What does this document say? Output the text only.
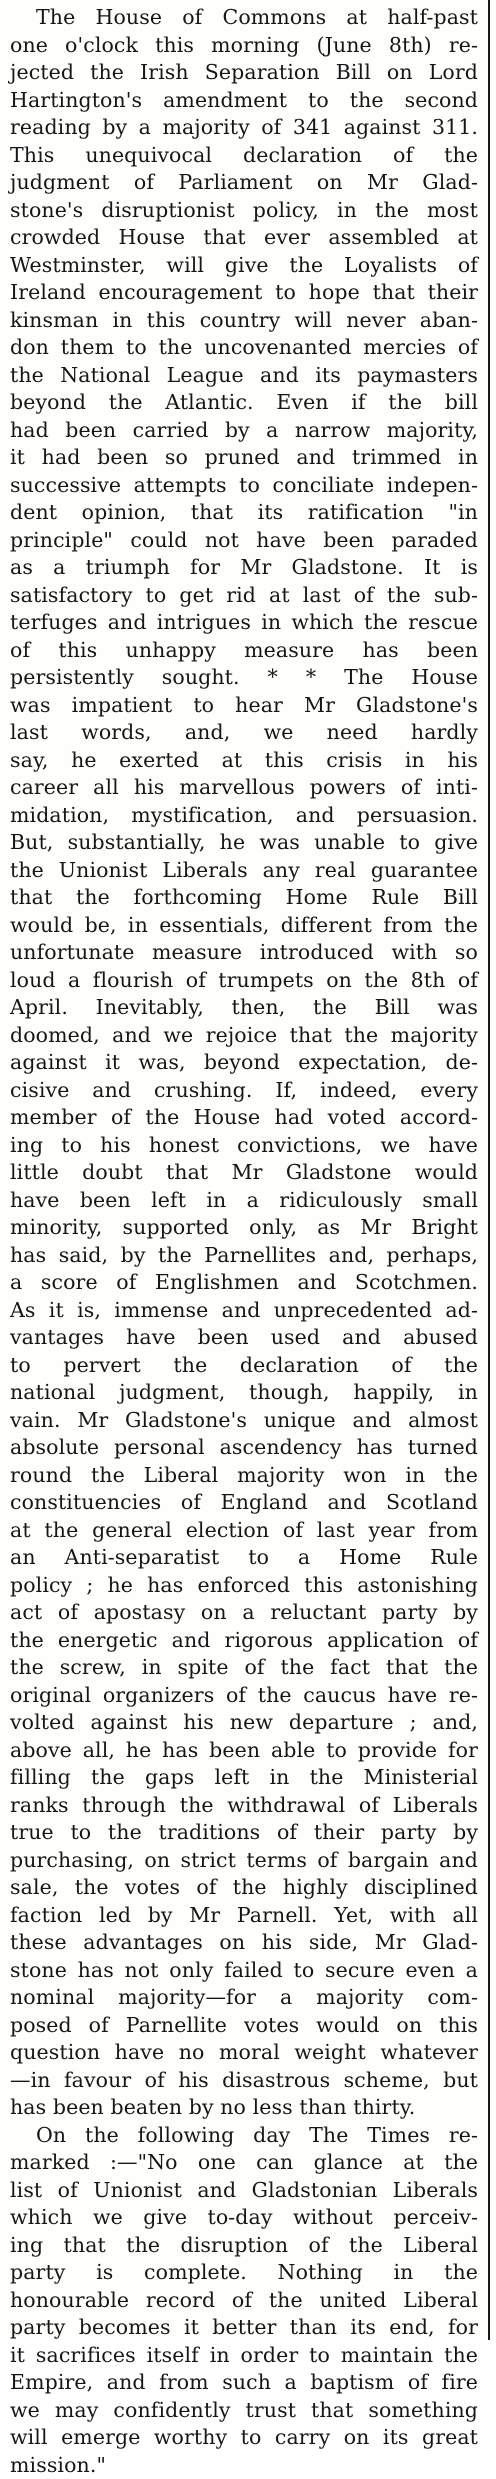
The House of Commons at half-past
one o'clock this morning (June 8th) re-
jected the Irish Separation Bill on Lord
Hartington's amendment to the second
reading by a majority of 341 against 311.
This unequivocal declaration of the
judgment of Parliament on Mr Glad-
stone's disruptionist policy, in the most
crowded House that ever assembled at
Westminster, will give the Loyalists of
Ireland encouragement to hope that their
kinsman in this country will never aban-
don them to the uncovenanted mercies of
the National League and its paymasters
beyond the Atlantic. Even if the bill
had been carried by a narrow majority,
it had been so pruned and trimmed in
successive attempts to conciliate indepen-
dent opinion, that its ratification "in
principle" could not have been paraded
as a triumph for Mr Gladstone. It is
satisfactory to get rid at last of the sub-
terfuges and intrigues in which the rescue
of this unhappy measure has been
persistently sought. * * The House
was impatient to hear Mr Gladstone's
last words, and, we need hardly
say, he exerted at this crisis in his
career all his marvellous powers of inti-
midation, mystification, and persuasion.
But, substantially, he was unable to give
the Unionist Liberals any real guarantee
that the forthcoming Home Rule Bill
would be, in essentials, different from the
unfortunate measure introduced with so
loud a flourish of trumpets on the 8th of
April. Inevitably, then, the Bill was
doomed, and we rejoice that the majority
against it was, beyond expectation, de-
cisive and crushing. If, indeed, every
member of the House had voted accord-
ing to his honest convictions, we have
little doubt that Mr Gladstone would
have been left in a ridiculously small
minority, supported only, as Mr Bright
has said, by the Parnellites and, perhaps,
a score of Englishmen and Scotchmen.
As it is, immense and unprecedented ad-
vantages have been used and abused
to pervert the declaration of the
national judgment, though, happily, in
vain. Mr Gladstone's unique and almost
absolute personal ascendency has turned
round the Liberal majority won in the
constituencies of England and Scotland
at the general election of last year from
an Anti-separatist to a Home Rule
policy ; he has enforced this astonishing
act of apostasy on a reluctant party by
the energetic and rigorous application of
the screw, in spite of the fact that the
original organizers of the caucus have re-
volted against his new departure ; and,
above all, he has been able to provide for
filling the gaps left in the Ministerial
ranks through the withdrawal of Liberals
true to the traditions of their party by
purchasing, on strict terms of bargain and
sale, the votes of the highly disciplined
faction led by Mr Parnell. Yet, with all
these advantages on his side, Mr Glad-
stone has not only failed to secure even a
nominal majority—for a majority com-
posed of Parnellite votes would on this
question have no moral weight whatever
—in favour of his disastrous scheme, but
has been beaten by no less than thirty.
On the following day The Times re-
marked :—"No one can glance at the
list of Unionist and Gladstonian Liberals
which we give to-day without perceiv-
ing that the disruption of the Liberal
party is complete. Nothing in the
honourable record of the united Liberal
party becomes it better than its end, for
it sacrifices itself in order to maintain the
Empire, and from such a baptism of fire
we may confidently trust that something
will emerge worthy to carry on its great
mission."
